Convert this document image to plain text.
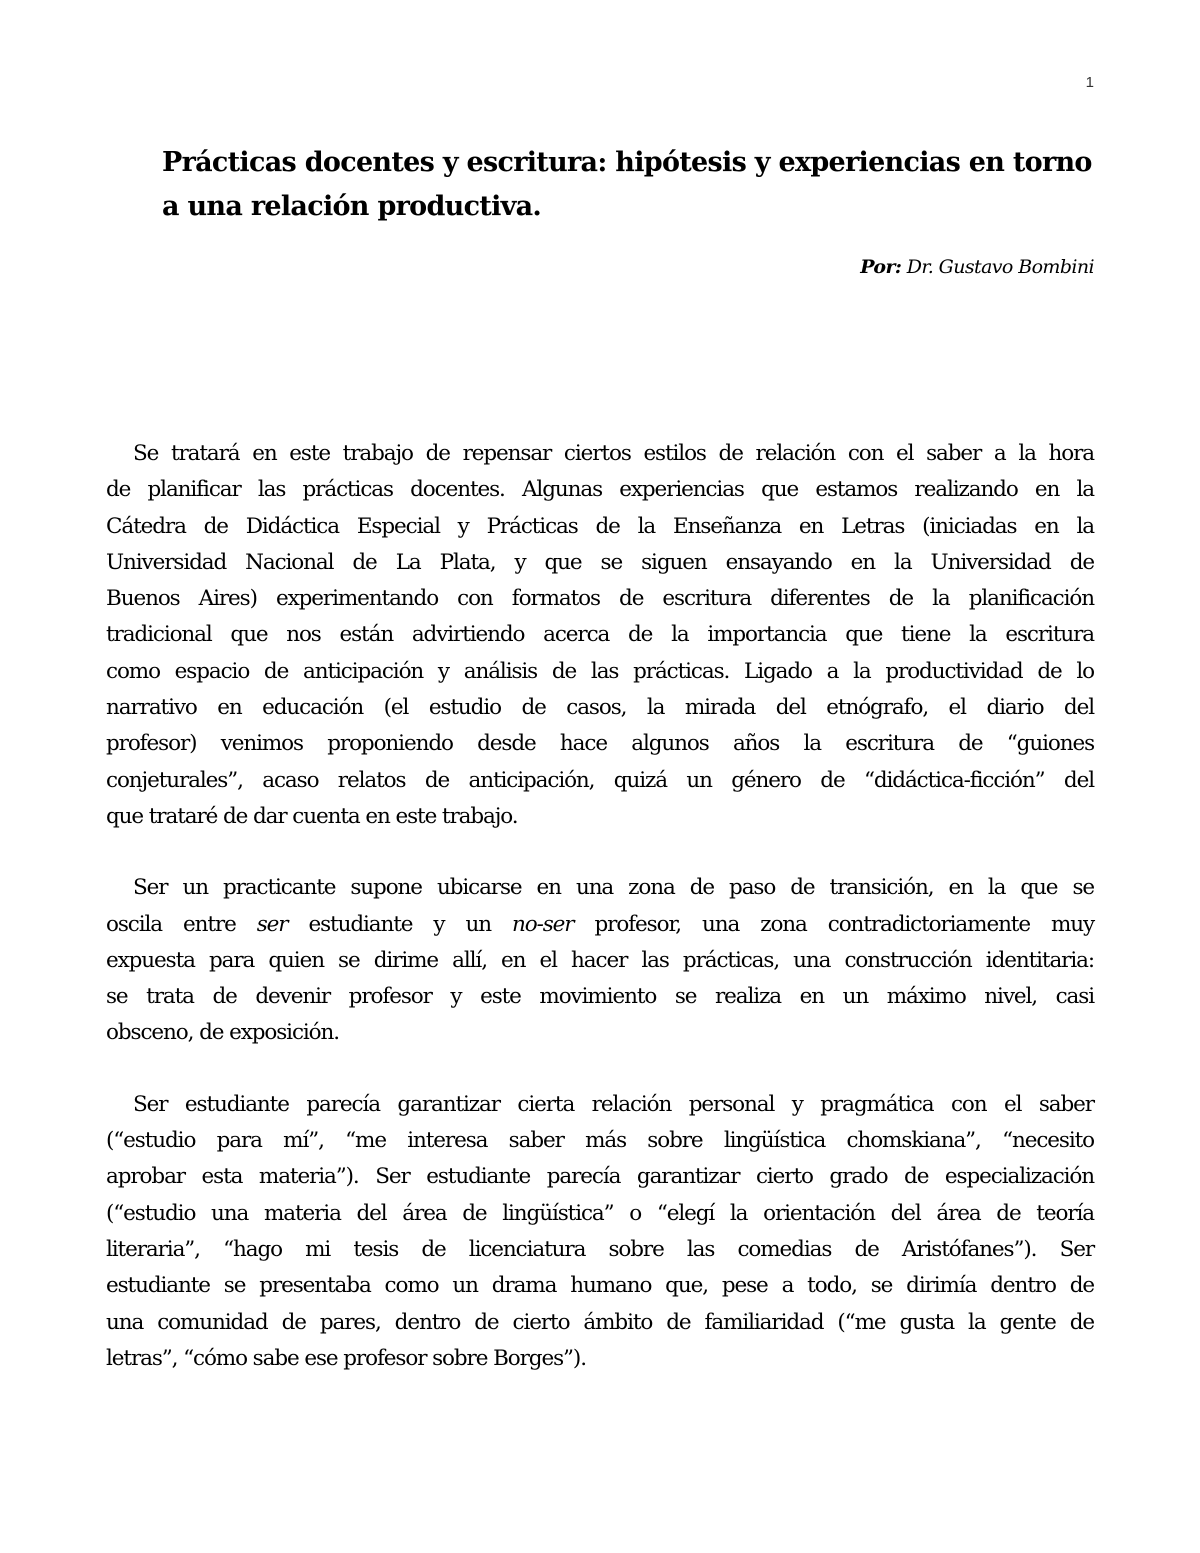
1
Prácticas docentes y escritura: hipótesis y experiencias en torno
a una relación productiva.
Por: Dr. Gustavo Bombini
Se tratará en este trabajo de repensar ciertos estilos de relación con el saber a la hora
de planificar las prácticas docentes. Algunas experiencias que estamos realizando en la
Cátedra de Didáctica Especial y Prácticas de la Enseñanza en Letras (iniciadas en la
Universidad Nacional de La Plata, y que se siguen ensayando en la Universidad de
Buenos Aires) experimentando con formatos de escritura diferentes de la planificación
tradicional que nos están advirtiendo acerca de la importancia que tiene la escritura
como espacio de anticipación y análisis de las prácticas. Ligado a la productividad de lo
narrativo en educación (el estudio de casos, la mirada del etnógrafo, el diario del
profesor) venimos proponiendo desde hace algunos años la escritura de “guiones
conjeturales”, acaso relatos de anticipación, quizá un género de “didáctica-ficción” del
que trataré de dar cuenta en este trabajo.
Ser un practicante supone ubicarse en una zona de paso de transición, en la que se
oscila entre ser estudiante y un no-ser profesor, una zona contradictoriamente muy
expuesta para quien se dirime allí, en el hacer las prácticas, una construcción identitaria:
se trata de devenir profesor y este movimiento se realiza en un máximo nivel, casi
obsceno, de exposición.
Ser estudiante parecía garantizar cierta relación personal y pragmática con el saber
(“estudio para mí”, “me interesa saber más sobre lingüística chomskiana”, “necesito
aprobar esta materia”). Ser estudiante parecía garantizar cierto grado de especialización
(“estudio una materia del área de lingüística” o “elegí la orientación del área de teoría
literaria”, “hago mi tesis de licenciatura sobre las comedias de Aristófanes”). Ser
estudiante se presentaba como un drama humano que, pese a todo, se dirimía dentro de
una comunidad de pares, dentro de cierto ámbito de familiaridad (“me gusta la gente de
letras”, “cómo sabe ese profesor sobre Borges”).
